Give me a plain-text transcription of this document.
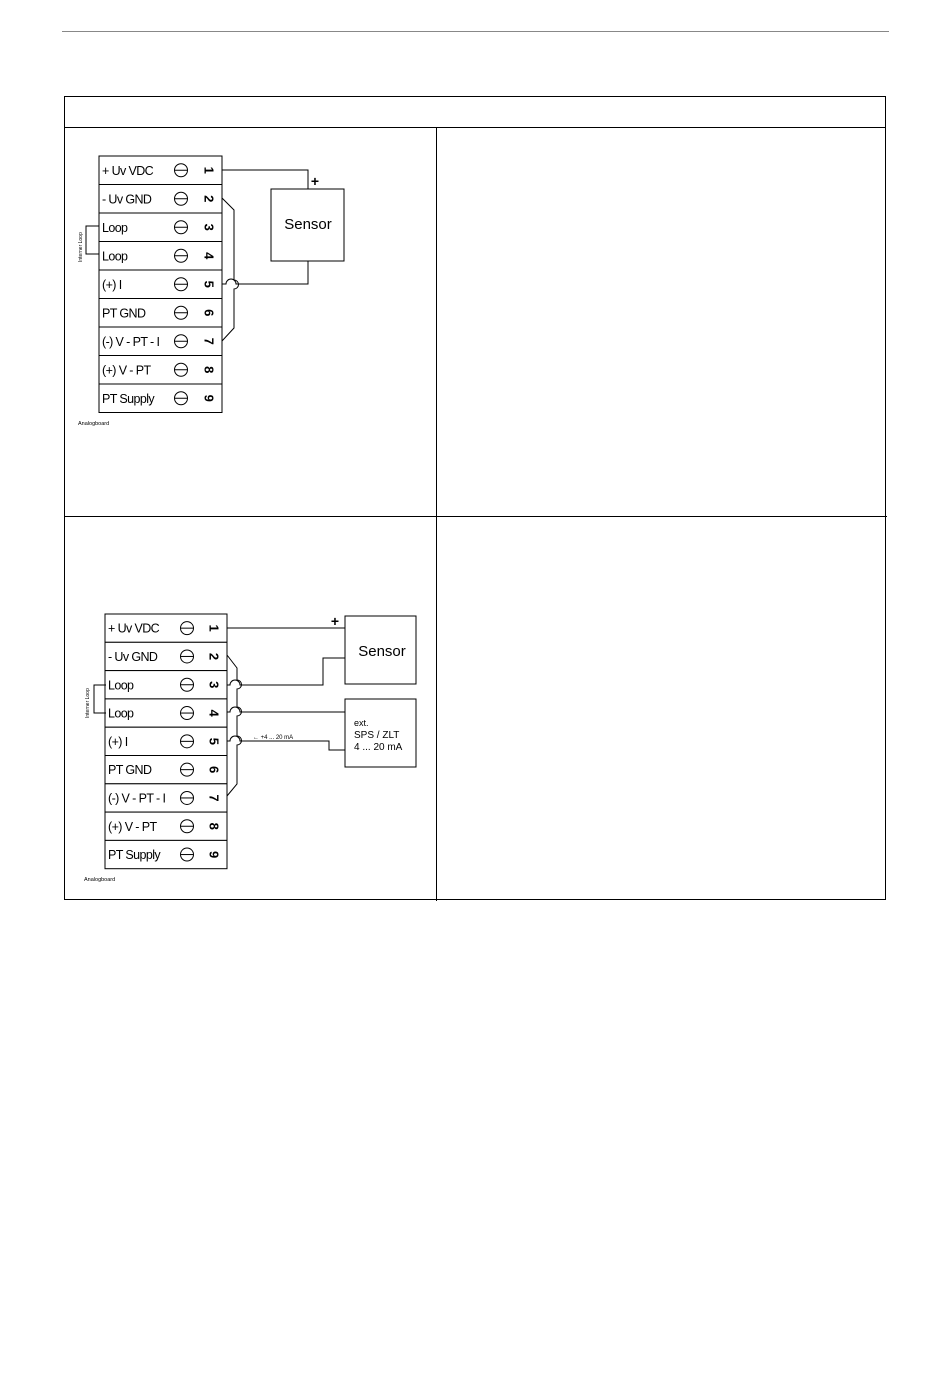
+ Uv VDC	1
- Uv GND	2
Loop	3
Loop	4
(+) I	5
PT GND	6
(-) V - PT - I	7
(+) V - PT	8
PT Supply	9
Sensor
+
Interner Loop
Analogboard
+ Uv VDC	1
- Uv GND	2
Loop	3
Loop	4
(+) I	5
PT GND	6
(-) V - PT - I	7
(+) V - PT	8
PT Supply	9
Sensor
+
ext.
SPS / ZLT
4 ... 20 mA
← +4 ... 20 mA
Interner Loop
Analogboard
